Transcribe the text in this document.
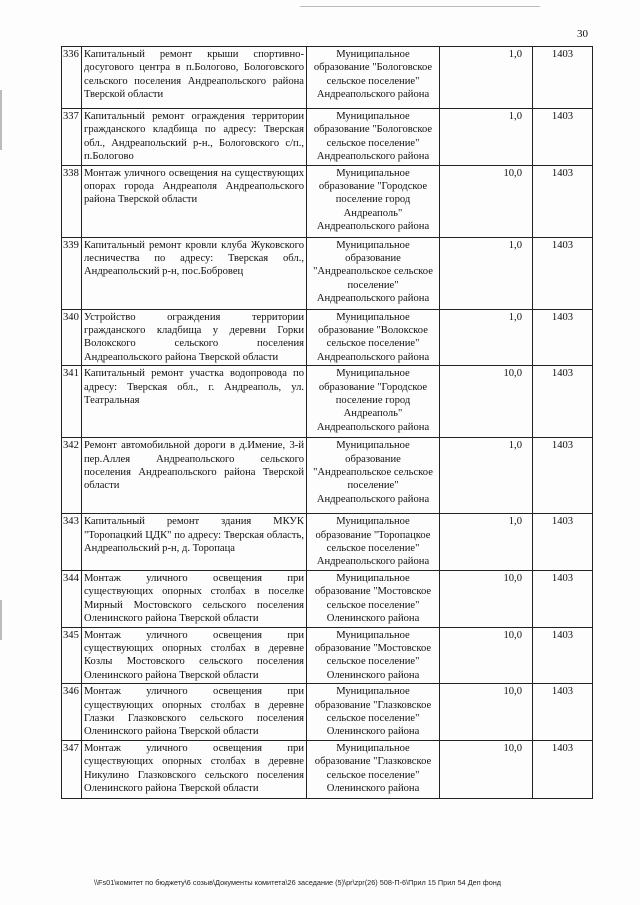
30
336	Капитальный ремонт крыши спортивно-досугового центра в п.Бологово, Бологовского сельского поселения Андреапольского района Тверской области	Муниципальное образование "Бологовское сельское поселение" Андреапольского района	1,0	1403
337	Капитальный ремонт ограждения территории гражданского кладбища по адресу: Тверская обл., Андреапольский р-н., Бологовского с/п., п.Бологово	Муниципальное образование "Бологовское сельское поселение" Андреапольского района	1,0	1403
338	Монтаж уличного освещения на существующих опорах города Андреаполя Андреапольского района Тверской области	Муниципальное образование "Городское поселение город Андреаполь" Андреапольского района	10,0	1403
339	Капитальный ремонт кровли клуба Жуковского лесничества по адресу: Тверская обл., Андреапольский р-н, пос.Бобровец	Муниципальное образование "Андреапольское сельское поселение" Андреапольского района	1,0	1403
340	Устройство ограждения территории гражданского кладбища у деревни Горки Волокского сельского поселения Андреапольского района Тверской области	Муниципальное образование "Волокское сельское поселение" Андреапольского района	1,0	1403
341	Капитальный ремонт участка водопровода по адресу: Тверская обл., г. Андреаполь, ул. Театральная	Муниципальное образование "Городское поселение город Андреаполь" Андреапольского района	10,0	1403
342	Ремонт автомобильной дороги в д.Имение, 3-й пер.Аллея Андреапольского сельского поселения Андреапольского района Тверской области	Муниципальное образование "Андреапольское сельское поселение" Андреапольского района	1,0	1403
343	Капитальный ремонт здания МКУК "Торопацкий ЦДК" по адресу: Тверская область, Андреапольский р-н, д. Торопаца	Муниципальное образование "Торопацкое сельское поселение" Андреапольского района	1,0	1403
344	Монтаж уличного освещения при существующих опорных столбах в поселке Мирный Мостовского сельского поселения Оленинского района Тверской области	Муниципальное образование "Мостовское сельское поселение" Оленинского района	10,0	1403
345	Монтаж уличного освещения при существующих опорных столбах в деревне Козлы Мостовского сельского поселения Оленинского района Тверской области	Муниципальное образование "Мостовское сельское поселение" Оленинского района	10,0	1403
346	Монтаж уличного освещения при существующих опорных столбах в деревне Глазки Глазковского сельского поселения Оленинского района Тверской области	Муниципальное образование "Глазковское сельское поселение" Оленинского района	10,0	1403
347	Монтаж уличного освещения при существующих опорных столбах в деревне Никулино Глазковского сельского поселения Оленинского района Тверской области	Муниципальное образование "Глазковское сельское поселение" Оленинского района	10,0	1403
\\Fs01\комитет по бюджету\6 созыв\Документы комитета\26 заседание (5)\pr\zpr(26) 508-П-6\Прил 15 Прил 54 Деп фонд
